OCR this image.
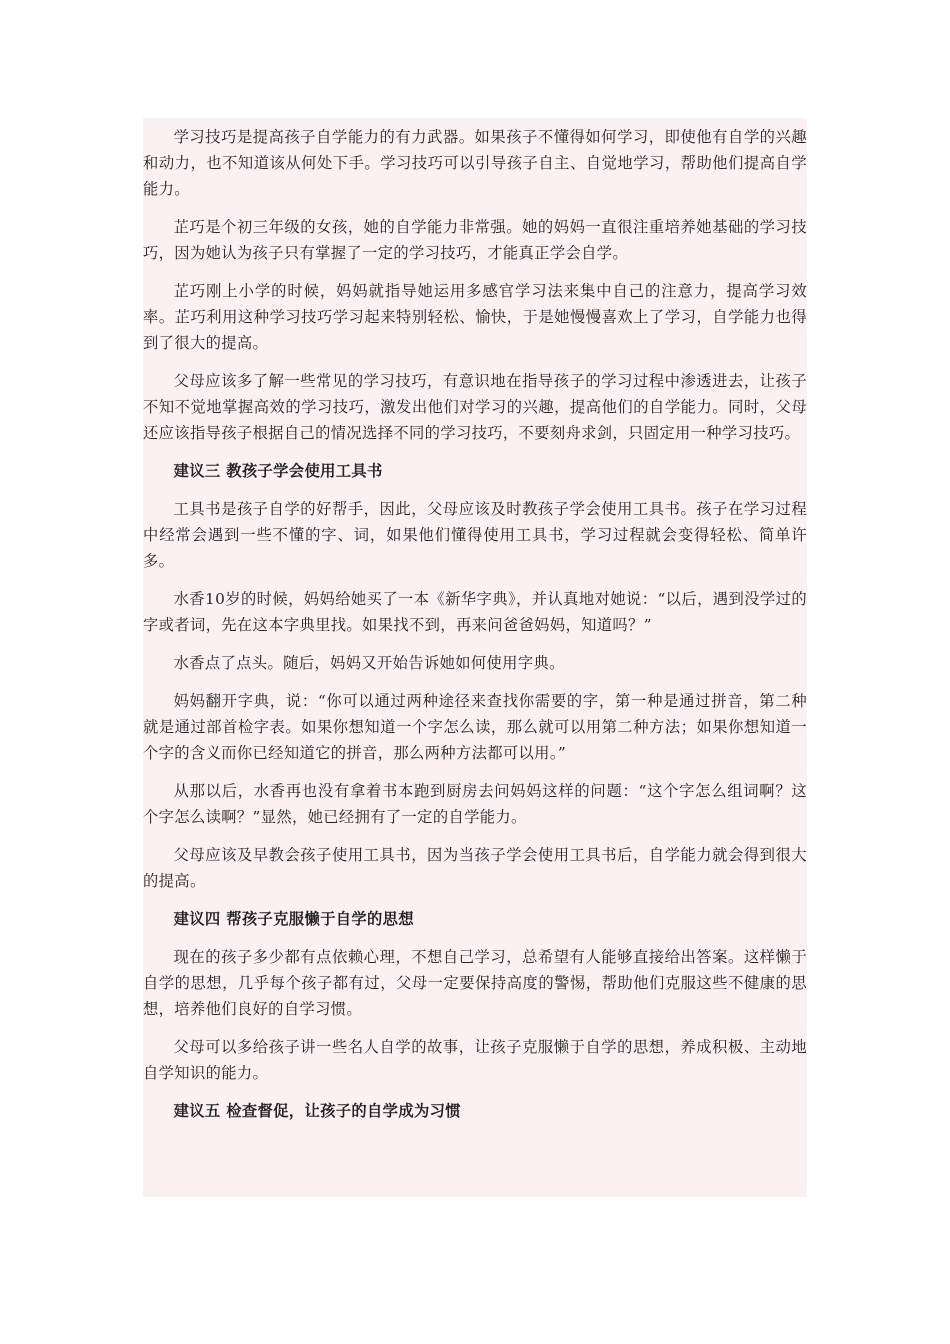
学习技巧是提高孩子自学能力的有力武器。如果孩子不懂得如何学习，即使他有自学的兴趣和动力，也不知道该从何处下手。学习技巧可以引导孩子自主、自觉地学习，帮助他们提高自学能力。

芷巧是个初三年级的女孩，她的自学能力非常强。她的妈妈一直很注重培养她基础的学习技巧，因为她认为孩子只有掌握了一定的学习技巧，才能真正学会自学。

芷巧刚上小学的时候，妈妈就指导她运用多感官学习法来集中自己的注意力，提高学习效率。芷巧利用这种学习技巧学习起来特别轻松、愉快，于是她慢慢喜欢上了学习，自学能力也得到了很大的提高。

父母应该多了解一些常见的学习技巧，有意识地在指导孩子的学习过程中渗透进去，让孩子不知不觉地掌握高效的学习技巧，激发出他们对学习的兴趣，提高他们的自学能力。同时，父母还应该指导孩子根据自己的情况选择不同的学习技巧，不要刻舟求剑，只固定用一种学习技巧。

建议三 教孩子学会使用工具书

工具书是孩子自学的好帮手，因此，父母应该及时教孩子学会使用工具书。孩子在学习过程中经常会遇到一些不懂的字、词，如果他们懂得使用工具书，学习过程就会变得轻松、简单许多。

水香10岁的时候，妈妈给她买了一本《新华字典》，并认真地对她说：“以后，遇到没学过的字或者词，先在这本字典里找。如果找不到，再来问爸爸妈妈，知道吗？”

水香点了点头。随后，妈妈又开始告诉她如何使用字典。

妈妈翻开字典，说：“你可以通过两种途径来查找你需要的字，第一种是通过拼音，第二种就是通过部首检字表。如果你想知道一个字怎么读，那么就可以用第二种方法；如果你想知道一个字的含义而你已经知道它的拼音，那么两种方法都可以用。”

从那以后，水香再也没有拿着书本跑到厨房去问妈妈这样的问题：“这个字怎么组词啊？这个字怎么读啊？”显然，她已经拥有了一定的自学能力。

父母应该及早教会孩子使用工具书，因为当孩子学会使用工具书后，自学能力就会得到很大的提高。

建议四 帮孩子克服懒于自学的思想

现在的孩子多少都有点依赖心理，不想自己学习，总希望有人能够直接给出答案。这样懒于自学的思想，几乎每个孩子都有过，父母一定要保持高度的警惕，帮助他们克服这些不健康的思想，培养他们良好的自学习惯。

父母可以多给孩子讲一些名人自学的故事，让孩子克服懒于自学的思想，养成积极、主动地自学知识的能力。

建议五 检查督促，让孩子的自学成为习惯
